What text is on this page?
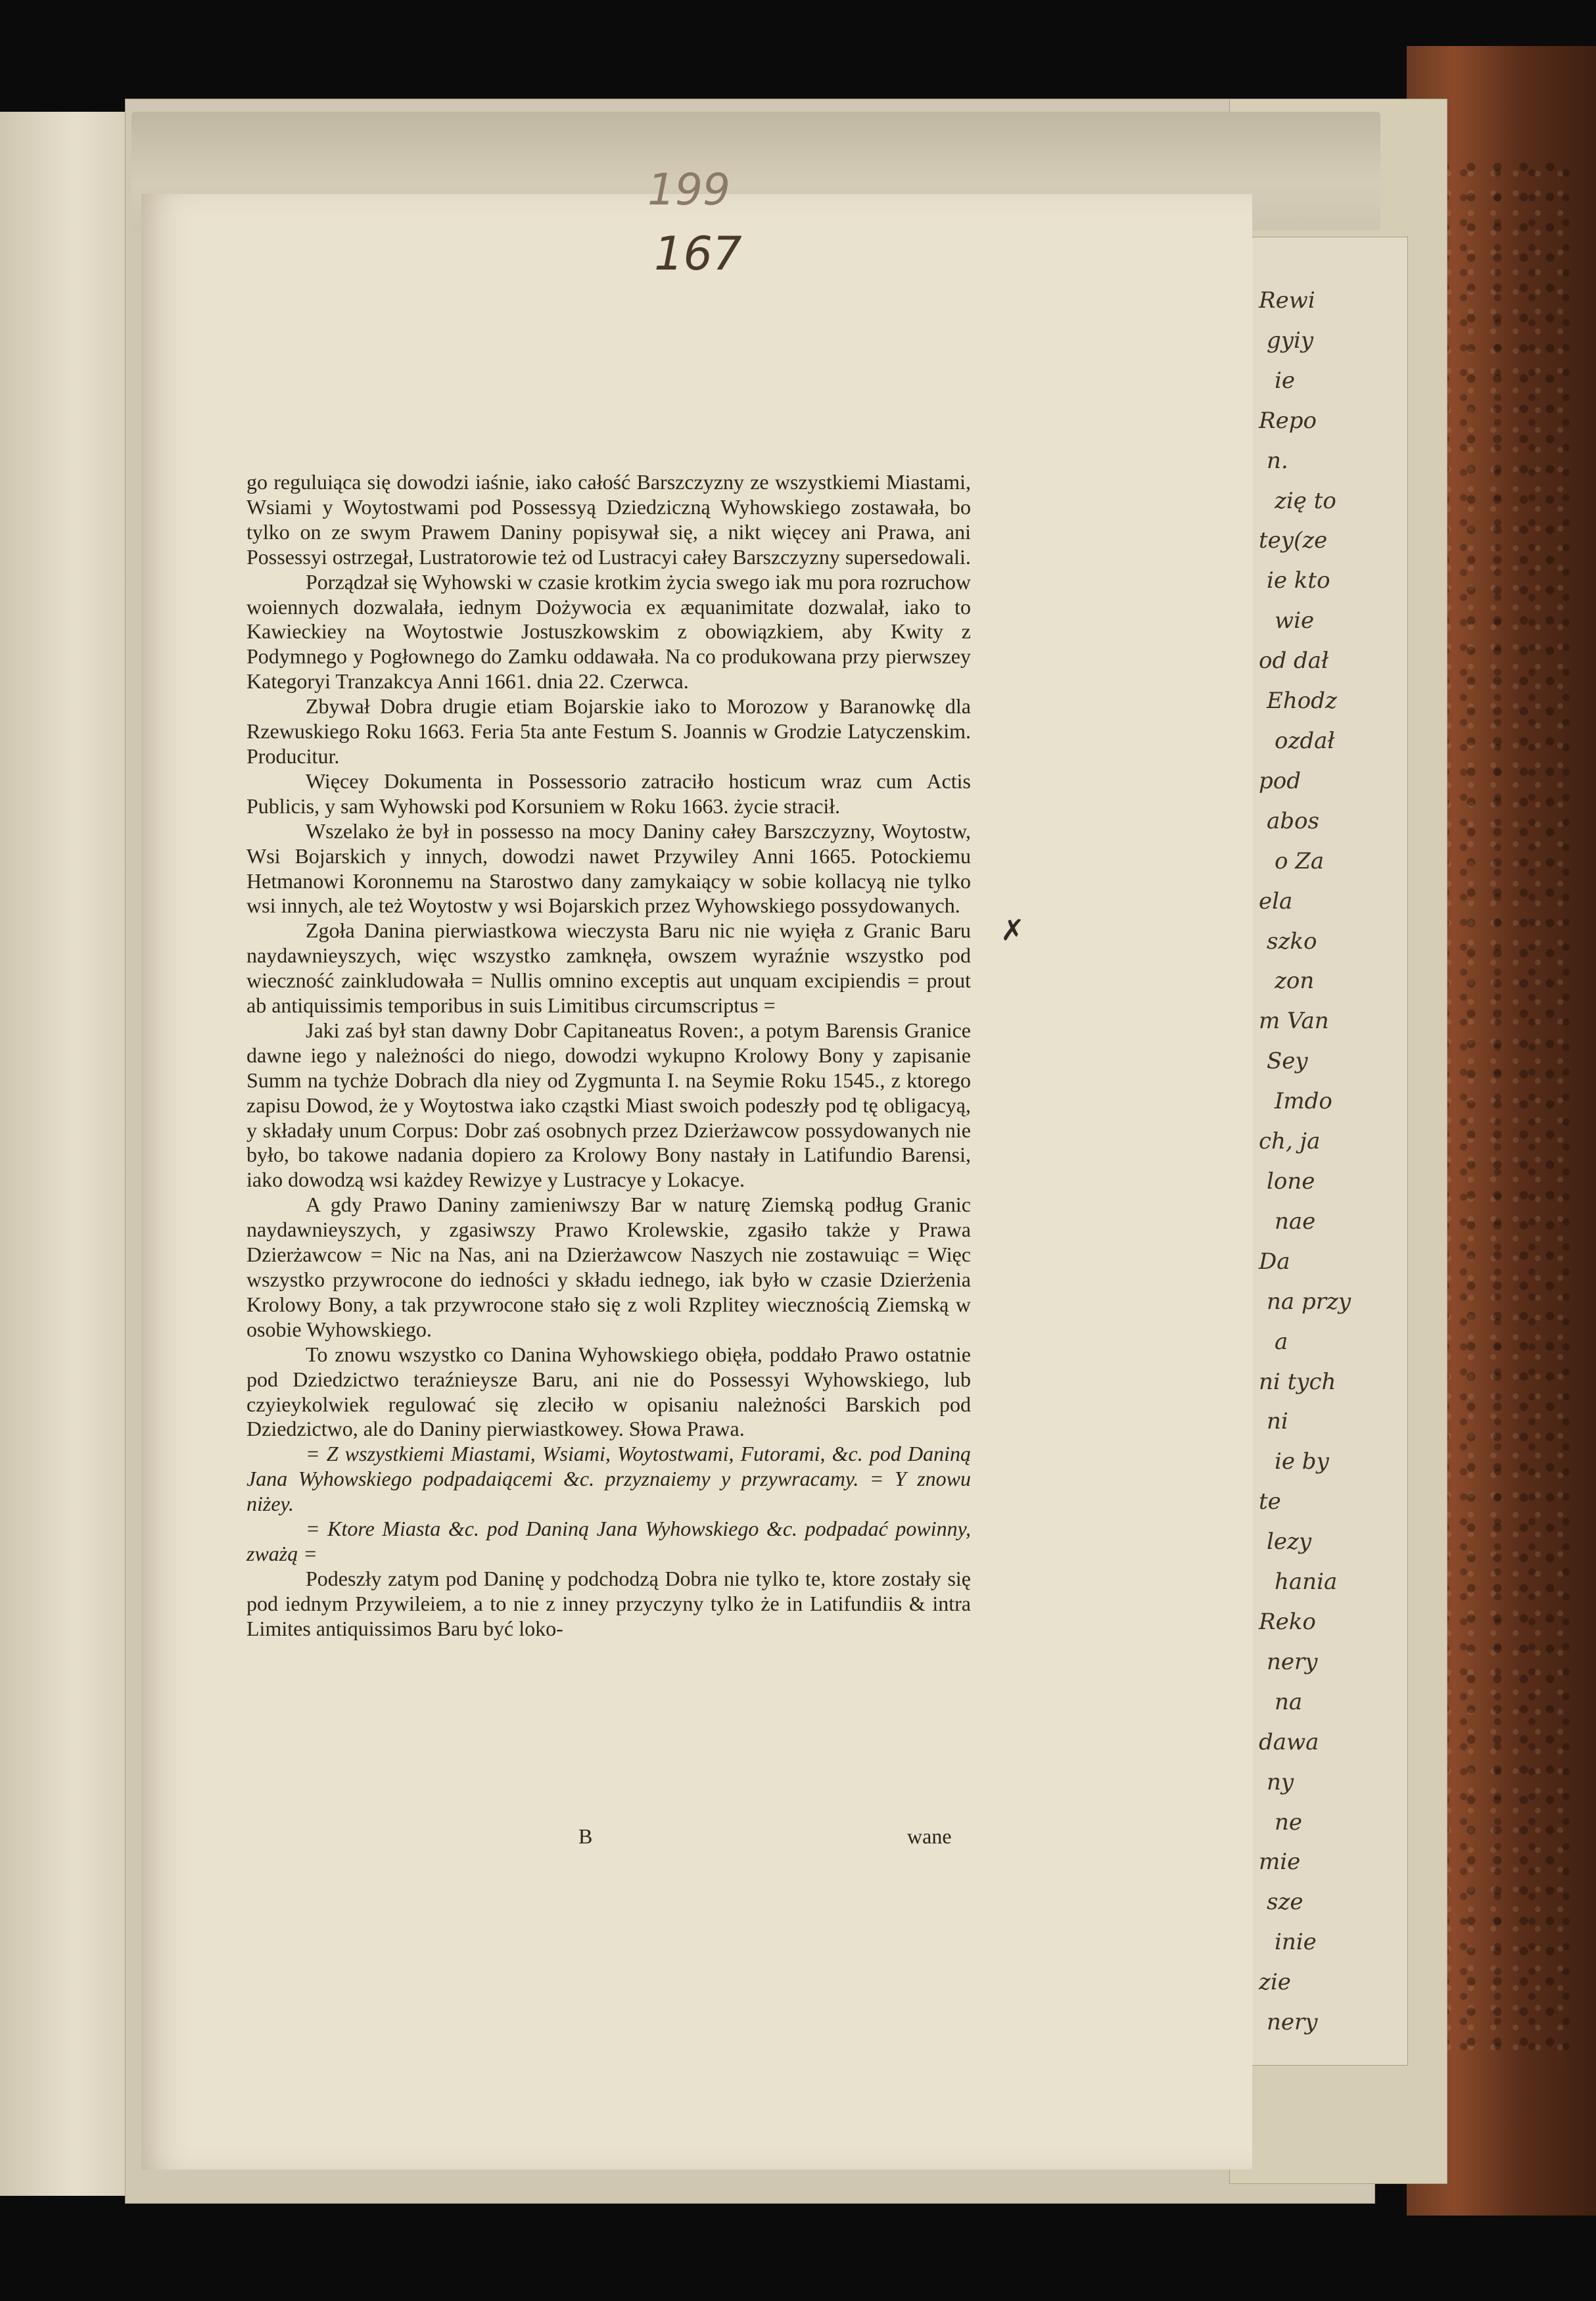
Rewi
gyiy
ie
Repo
n.
zię to
tey(ze
ie kto
wie
od dał
Ehodz
ozdał
pod
abos
o Za
ela
szko
zon
m Van
Sey
Imdo
ch, ja
lone
nae
Da
na przy
a
ni tych
ni
ie by
te
lezy
hania
Reko
nery
na
dawa
ny
ne
mie
sze
inie
zie
nery
199
167

go reguluiąca się dowodzi iaśnie, iako całość Barszczyzny ze wszystkiemi Miastami, Wsiami y Woytostwami pod Possessyą Dziedziczną Wyhowskiego zostawała, bo tylko on ze swym Prawem Daniny popisywał się, a nikt więcey ani Prawa, ani Possessyi ostrzegał, Lustratorowie też od Lustracyi całey Barszczyzny supersedowali.

Porządzał się Wyhowski w czasie krotkim życia swego iak mu pora rozruchow woiennych dozwalała, iednym Dożywocia ex æquanimitate dozwalał, iako to Kawieckiey na Woytostwie Jostuszkowskim z obowiązkiem, aby Kwity z Podymnego y Pogłownego do Zamku oddawała. Na co produkowana przy pierwszey Kategoryi Tranzakcya Anni 1661. dnia 22. Czerwca.

Zbywał Dobra drugie etiam Bojarskie iako to Morozow y Baranowkę dla Rzewuskiego Roku 1663. Feria 5ta ante Festum S. Joannis w Grodzie Latyczenskim. Producitur.

Więcey Dokumenta in Possessorio zatraciło hosticum wraz cum Actis Publicis, y sam Wyhowski pod Korsuniem w Roku 1663. życie stracił.

Wszelako że był in possesso na mocy Daniny całey Barszczyzny, Woytostw, Wsi Bojarskich y innych, dowodzi nawet Przywiley Anni 1665. Potockiemu Hetmanowi Koronnemu na Starostwo dany zamykaiący w sobie kollacyą nie tylko wsi innych, ale też Woytostw y wsi Bojarskich przez Wyhowskiego possydowanych.

Zgoła Danina pierwiastkowa wieczysta Baru nic nie wyięła z Granic Baru naydawnieyszych, więc wszystko zamknęła, owszem wyraźnie wszystko pod wieczność zainkludowała = Nullis omnino exceptis aut unquam excipiendis = prout ab antiquissimis temporibus in suis Limitibus circumscriptus =

Jaki zaś był stan dawny Dobr Capitaneatus Roven:, a potym Barensis Granice dawne iego y należności do niego, dowodzi wykupno Krolowy Bony y zapisanie Summ na tychże Dobrach dla niey od Zygmunta I. na Seymie Roku 1545., z ktorego zapisu Dowod, że y Woytostwa iako cząstki Miast swoich podeszły pod tę obligacyą, y składały unum Corpus: Dobr zaś osobnych przez Dzierżawcow possydowanych nie było, bo takowe nadania dopiero za Krolowy Bony nastały in Latifundio Barensi, iako dowodzą wsi każdey Rewizye y Lustracye y Lokacye.

A gdy Prawo Daniny zamieniwszy Bar w naturę Ziemską podług Granic naydawnieyszych, y zgasiwszy Prawo Krolewskie, zgasiło także y Prawa Dzierżawcow = Nic na Nas, ani na Dzierżawcow Naszych nie zostawuiąc = Więc wszystko przywrocone do iedności y składu iednego, iak było w czasie Dzierżenia Krolowy Bony, a tak przywrocone stało się z woli Rzplitey wiecznością Ziemską w osobie Wyhowskiego.

To znowu wszystko co Danina Wyhowskiego obięła, poddało Prawo ostatnie pod Dziedzictwo teraźnieysze Baru, ani nie do Possessyi Wyhowskiego, lub czyieykolwiek regulować się zleciło w opisaniu należności Barskich pod Dziedzictwo, ale do Daniny pierwiastkowey. Słowa Prawa.

= Z wszystkiemi Miastami, Wsiami, Woytostwami, Futorami, &c. pod Daniną Jana Wyhowskiego podpadaiącemi &c. przyznaiemy y przywracamy. = Y znowu niżey.

= Ktore Miasta &c. pod Daniną Jana Wyhowskiego &c. podpadać powinny, zważą =

Podeszły zatym pod Daninę y podchodzą Dobra nie tylko te, ktore zostały się pod iednym Przywileiem, a to nie z inney przyczyny tylko że in Latifundiis & intra Limites antiquissimos Baru być loko-

B	wane
✗
